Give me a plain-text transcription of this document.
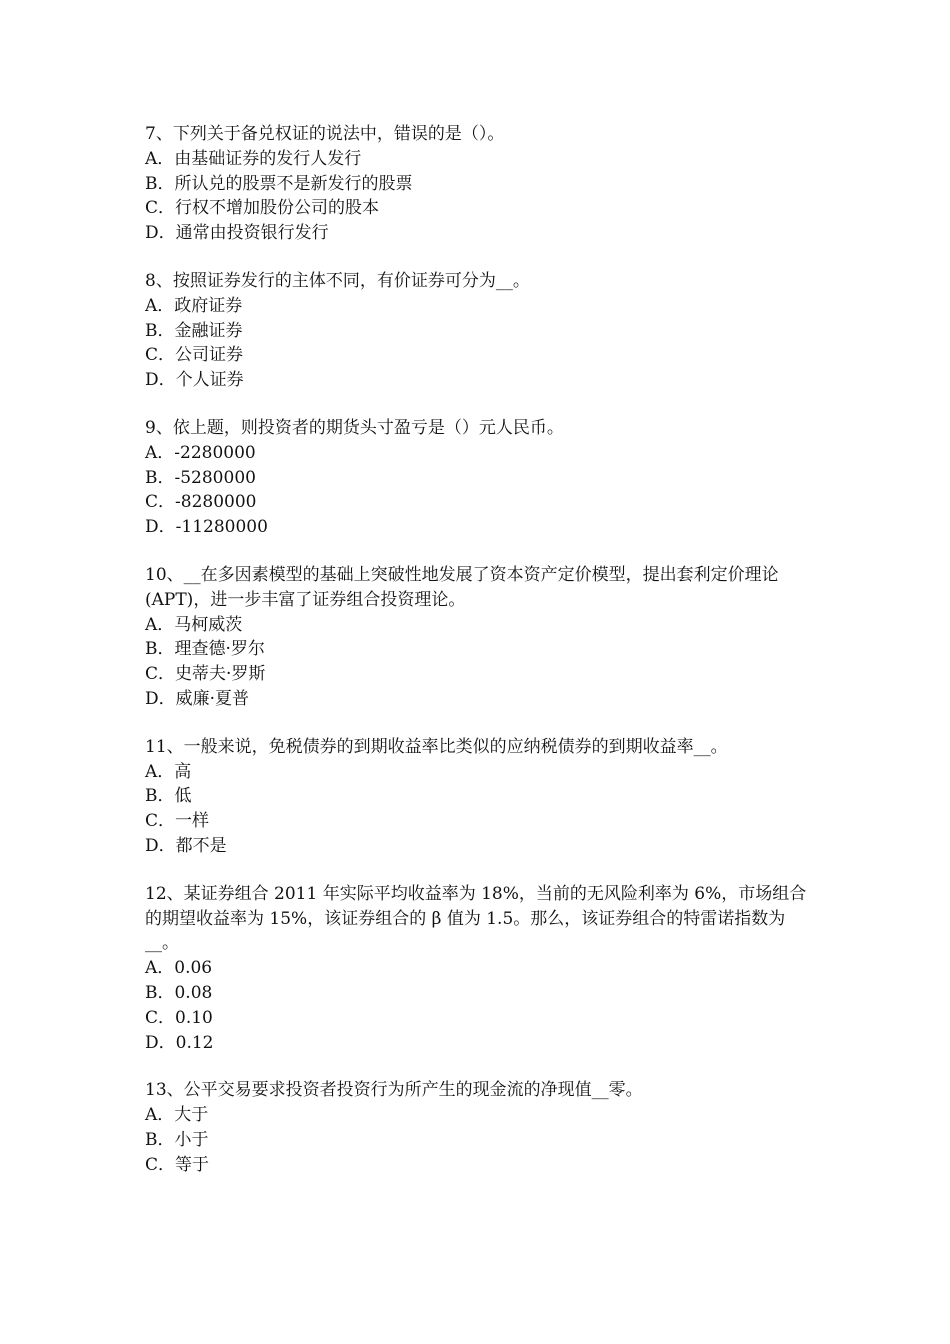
7、下列关于备兑权证的说法中，错误的是（）。

A．由基础证券的发行人发行

B．所认兑的股票不是新发行的股票

C．行权不增加股份公司的股本

D．通常由投资银行发行

8、按照证券发行的主体不同，有价证券可分为__。

A．政府证券

B．金融证券

C．公司证券

D．个人证券

9、依上题，则投资者的期货头寸盈亏是（）元人民币。

A．-2280000

B．-5280000

C．-8280000

D．-11280000

10、__在多因素模型的基础上突破性地发展了资本资产定价模型，提出套利定价理论(APT)，进一步丰富了证券组合投资理论。

A．马柯威茨

B．理查德·罗尔

C．史蒂夫·罗斯

D．威廉·夏普

11、一般来说，免税债券的到期收益率比类似的应纳税债券的到期收益率__。

A．高

B．低

C．一样

D．都不是

12、某证券组合 2011 年实际平均收益率为 18%，当前的无风险利率为 6%，市场组合的期望收益率为 15%，该证券组合的 β 值为 1.5。那么，该证券组合的特雷诺指数为__。

A．0.06

B．0.08

C．0.10

D．0.12

13、公平交易要求投资者投资行为所产生的现金流的净现值__零。

A．大于

B．小于

C．等于
